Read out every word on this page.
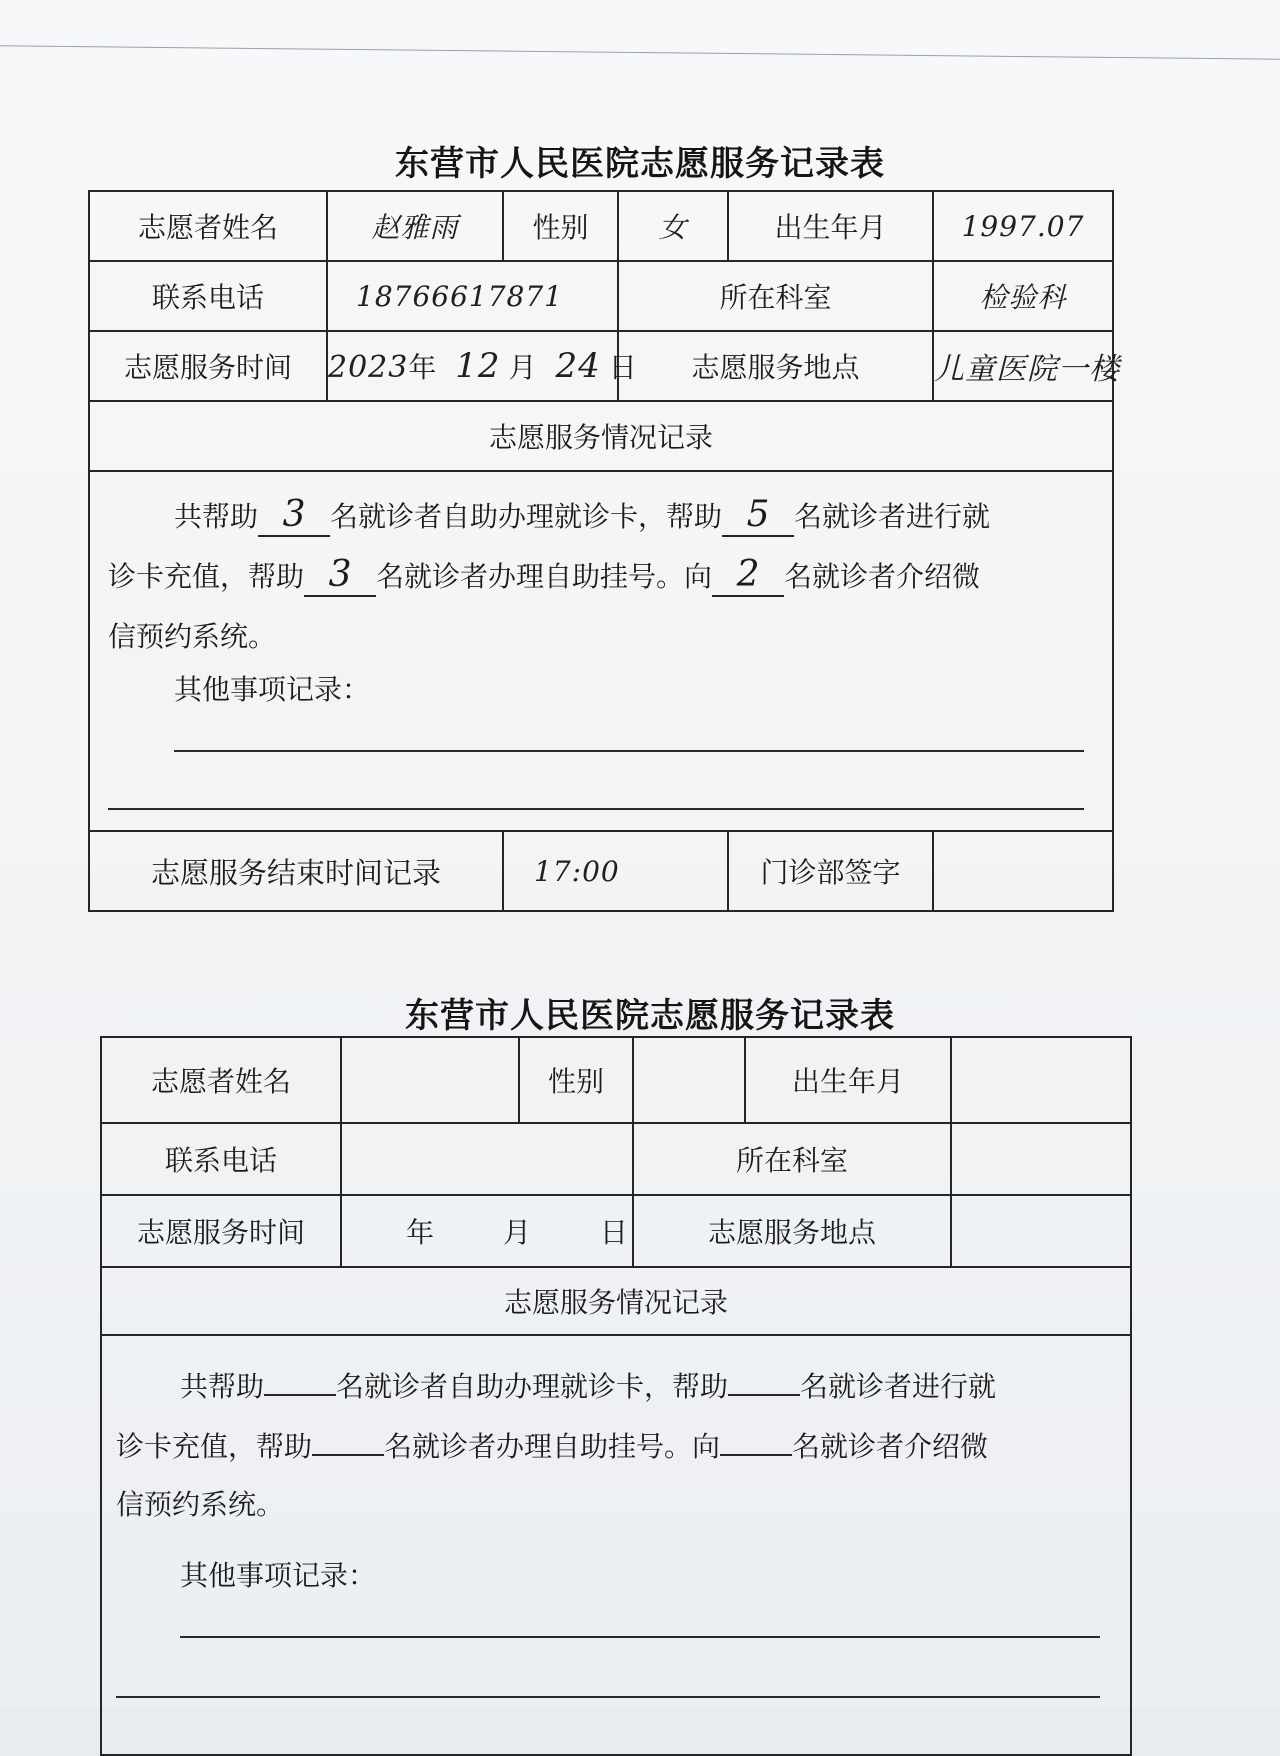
东营市人民医院志愿服务记录表
志愿者姓名	赵雅雨	性别	女	出生年月	1997.07
联系电话	18766617871		所在科室		检验科
志愿服务时间	2023年 12 月 24 日		志愿服务地点		儿童医院一楼
志愿服务情况记录					

共帮助 3 名就诊者自助办理就诊卡，帮助 5 名就诊者进行就
诊卡充值，帮助 3 名就诊者办理自助挂号。向 2 名就诊者介绍微
信预约系统。
其他事项记录：					

志愿服务结束时间记录		17:00		门诊部签字	
东营市人民医院志愿服务记录表
志愿者姓名		性别		出生年月	
联系电话			所在科室		
志愿服务时间	年 月 日		志愿服务地点		
志愿服务情况记录					

共帮助 名就诊者自助办理就诊卡，帮助 名就诊者进行就
诊卡充值，帮助 名就诊者办理自助挂号。向 名就诊者介绍微
信预约系统。
其他事项记录：					
